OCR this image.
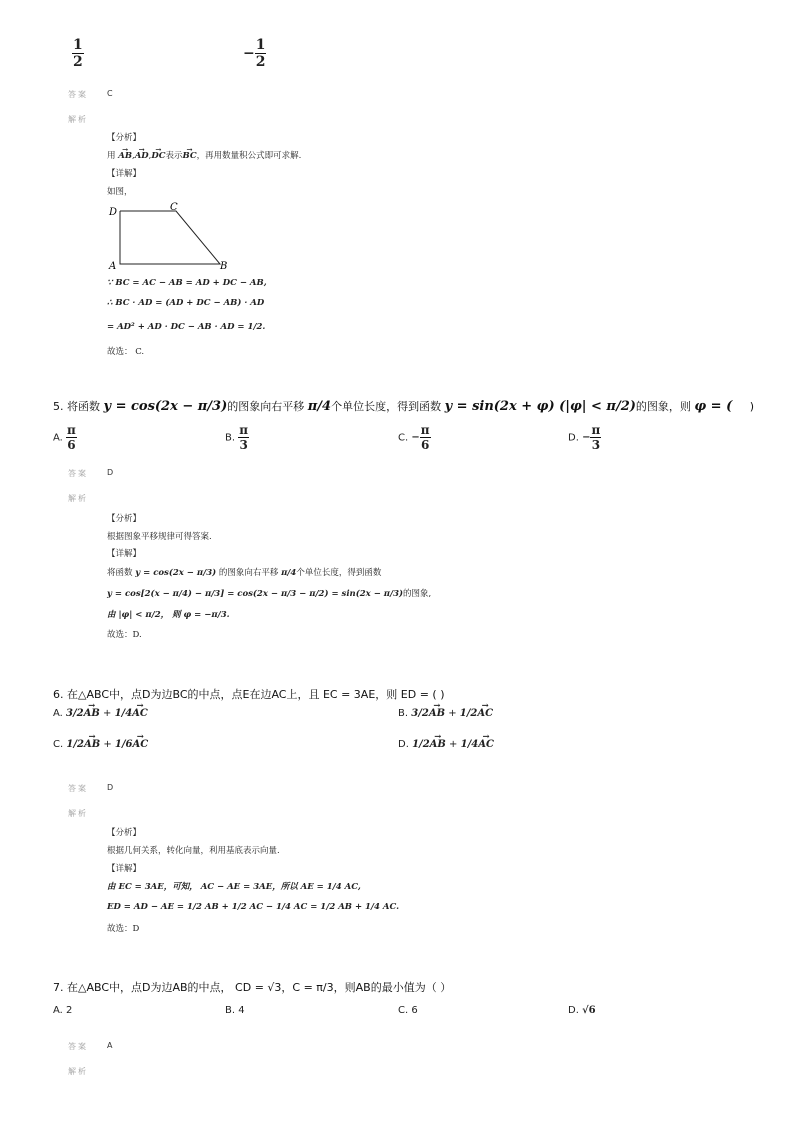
$\frac{1}{2}$	− $\frac{1}{2}$
答案 C
解析
【分析】
用 → AB,→ AD,→ DC表示→ BC，再用数量积公式即可求解.
【详解】
如图，
D	C
A	B
∵ BC = AC − AB = AD + DC − AB,
∴ BC · AD = (AD + DC − AB) · AD
= AD² + AD · DC − AB · AD = 1/2.
故选： C.
5. 将函数 y = cos(2x − π/3)的图象向右平移 π/4个单位长度，得到函数 y = sin(2x + φ) (|φ| < π/2)的图象，则 φ = ( )
A. $\frac{\pi}{6}$	B. $\frac{\pi}{3}$	C. − $\frac{\pi}{6}$	D. − $\frac{\pi}{3}$
答案 D
解析
【分析】
根据图象平移规律可得答案.
【详解】
将函数 y = cos(2x − π/3) 的图象向右平移 π/4个单位长度，得到函数
y = cos[2(x − π/4) − π/3] = cos(2x − π/3 − π/2) = sin(2x − π/3)的图象,
由 |φ| < π/2， 则 φ = −π/3.
故选：D.
6. 在△ABC中，点D为边BC的中点，点E在边AC上，且 EC = 3AE，则 ED = ( )
A. 3/2→ AB + 1/4→ AC	B. 3/2→ AB + 1/2→ AC
C. 1/2→ AB + 1/6→ AC	D. 1/2→ AB + 1/4→ AC
答案 D
解析
【分析】
根据几何关系，转化向量，利用基底表示向量.
【详解】
由 EC = 3AE，可知， AC − AE = 3AE，所以 AE = 1/4 AC,
ED = AD − AE = 1/2 AB + 1/2 AC − 1/4 AC = 1/2 AB + 1/4 AC.
故选：D
7. 在△ABC中，点D为边AB的中点， CD = √3，C = π/3，则AB的最小值为（ ）
A. 2	B. 4	C. 6	D. √6
答案 A
解析
